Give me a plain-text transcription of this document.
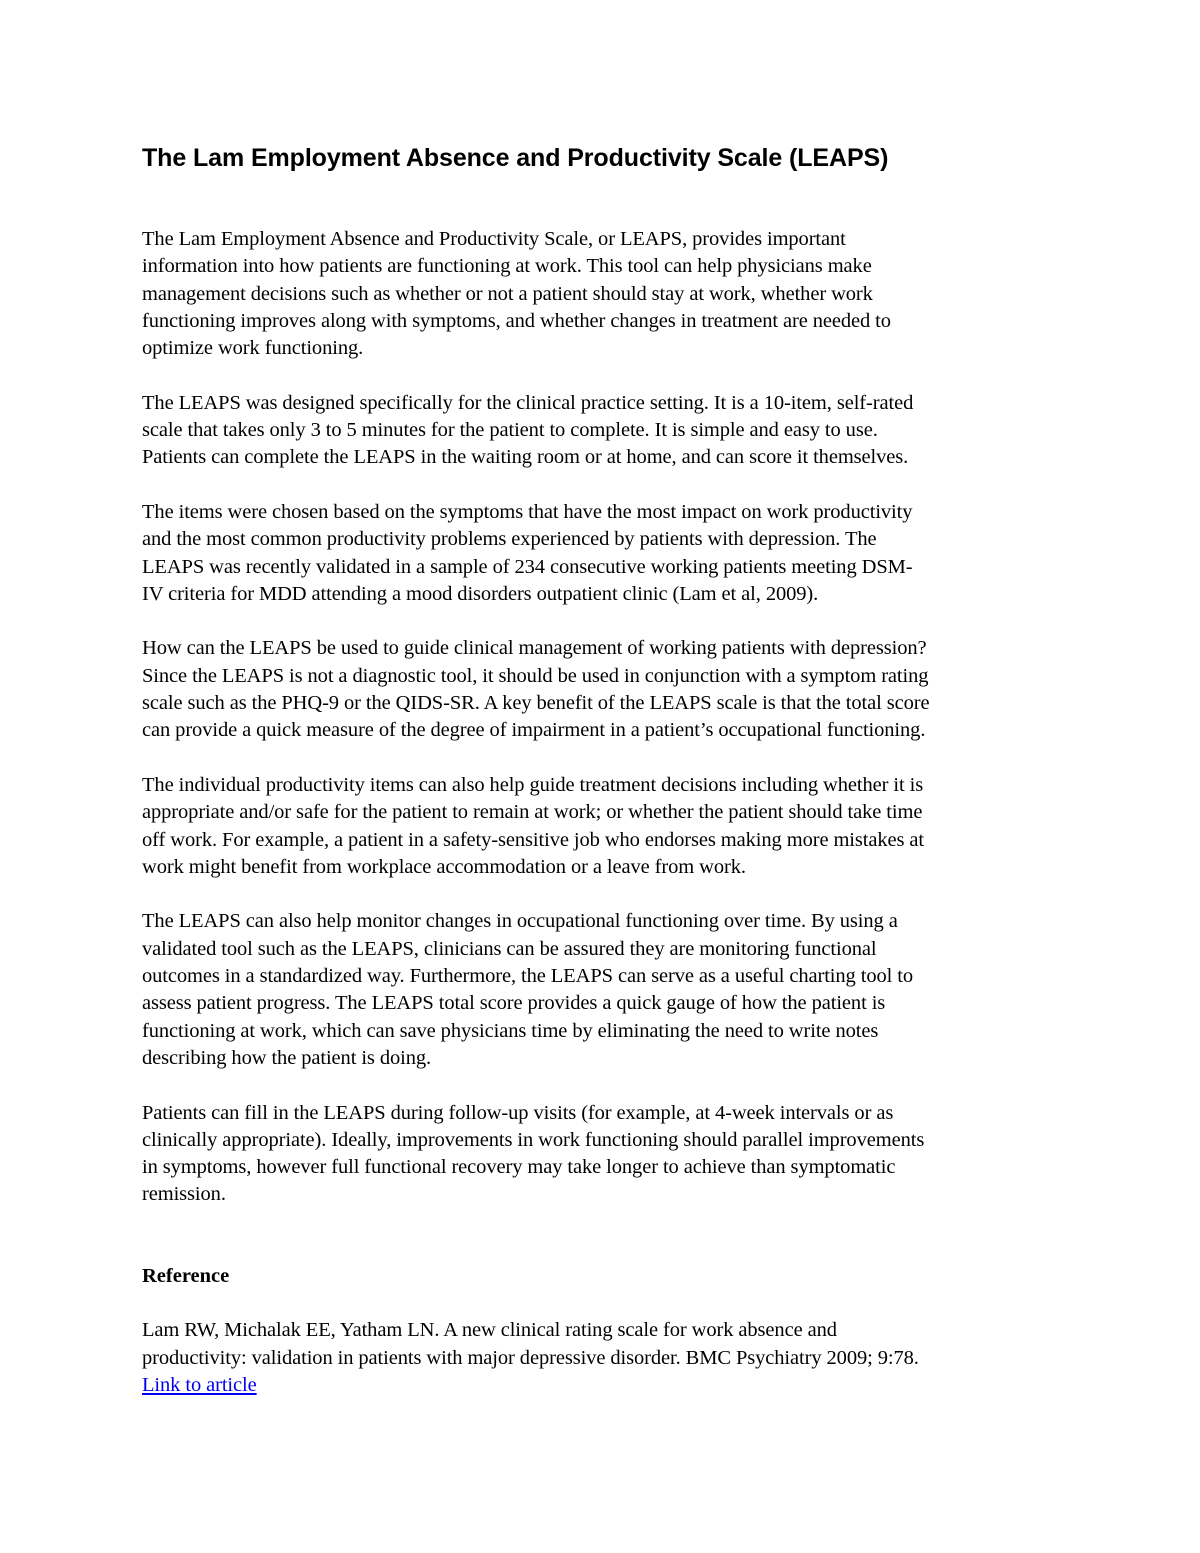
The Lam Employment Absence and Productivity Scale (LEAPS)

The Lam Employment Absence and Productivity Scale, or LEAPS, provides important
information into how patients are functioning at work. This tool can help physicians make
management decisions such as whether or not a patient should stay at work, whether work
functioning improves along with symptoms, and whether changes in treatment are needed to
optimize work functioning.

The LEAPS was designed specifically for the clinical practice setting. It is a 10-item, self-rated
scale that takes only 3 to 5 minutes for the patient to complete. It is simple and easy to use.
Patients can complete the LEAPS in the waiting room or at home, and can score it themselves.

The items were chosen based on the symptoms that have the most impact on work productivity
and the most common productivity problems experienced by patients with depression. The
LEAPS was recently validated in a sample of 234 consecutive working patients meeting DSM-
IV criteria for MDD attending a mood disorders outpatient clinic (Lam et al, 2009).

How can the LEAPS be used to guide clinical management of working patients with depression?
Since the LEAPS is not a diagnostic tool, it should be used in conjunction with a symptom rating
scale such as the PHQ-9 or the QIDS-SR. A key benefit of the LEAPS scale is that the total score
can provide a quick measure of the degree of impairment in a patient’s occupational functioning.

The individual productivity items can also help guide treatment decisions including whether it is
appropriate and/or safe for the patient to remain at work; or whether the patient should take time
off work. For example, a patient in a safety-sensitive job who endorses making more mistakes at
work might benefit from workplace accommodation or a leave from work.

The LEAPS can also help monitor changes in occupational functioning over time. By using a
validated tool such as the LEAPS, clinicians can be assured they are monitoring functional
outcomes in a standardized way. Furthermore, the LEAPS can serve as a useful charting tool to
assess patient progress. The LEAPS total score provides a quick gauge of how the patient is
functioning at work, which can save physicians time by eliminating the need to write notes
describing how the patient is doing.

Patients can fill in the LEAPS during follow-up visits (for example, at 4-week intervals or as
clinically appropriate). Ideally, improvements in work functioning should parallel improvements
in symptoms, however full functional recovery may take longer to achieve than symptomatic
remission.

Reference

Lam RW, Michalak EE, Yatham LN. A new clinical rating scale for work absence and
productivity: validation in patients with major depressive disorder. BMC Psychiatry 2009; 9:78.
Link to article
